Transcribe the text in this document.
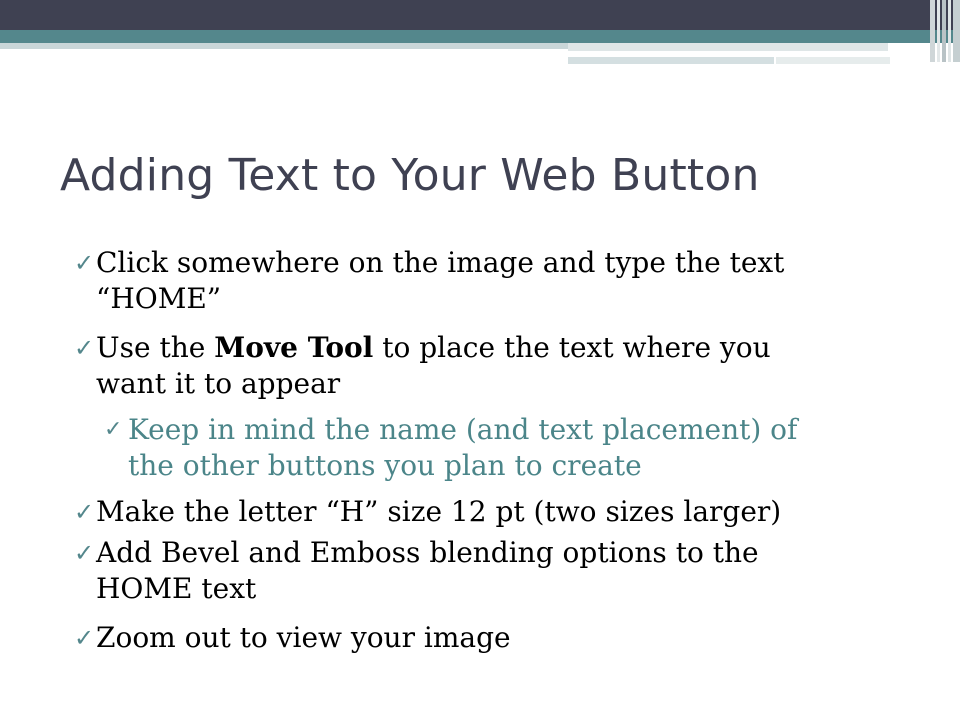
Adding Text to Your Web Button
✓ Click somewhere on the image and type the text
“HOME”
✓ Use the Move Tool to place the text where you
want it to appear
✓ Keep in mind the name (and text placement) of
the other buttons you plan to create
✓ Make the letter “H” size 12 pt (two sizes larger)
✓ Add Bevel and Emboss blending options to the
HOME text
✓ Zoom out to view your image
